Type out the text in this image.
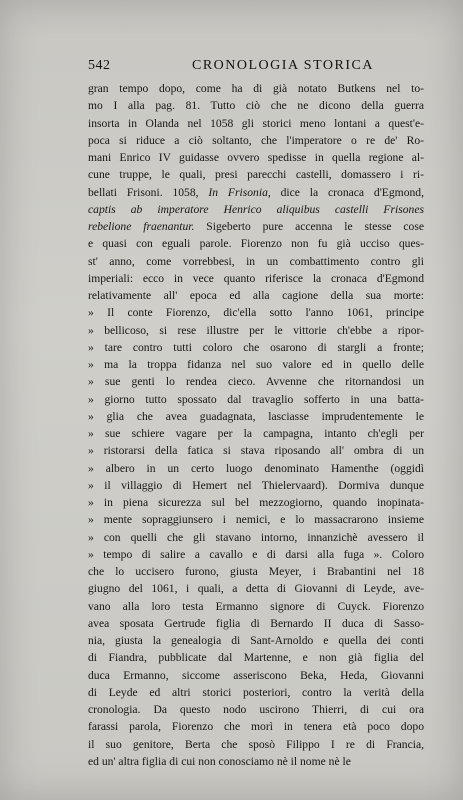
542	CRONOLOGIA STORICA
gran tempo dopo, come ha di già notato Butkens nel to-
mo I alla pag. 81. Tutto ciò che ne dicono della guerra
insorta in Olanda nel 1058 gli storici meno lontani a quest'e-
poca si riduce a ciò soltanto, che l'imperatore o re de' Ro-
mani Enrico IV guidasse ovvero spedisse in quella regione al-
cune truppe, le quali, presi parecchi castelli, domassero i ri-
bellati Frisoni. 1058, In Frisonia, dice la cronaca d'Egmond,
captis ab imperatore Henrico aliquibus castelli Frisones
rebelione fraenantur. Sigeberto pure accenna le stesse cose
e quasi con eguali parole. Fiorenzo non fu già ucciso ques-
st' anno, come vorrebbesi, in un combattimento contro gli
imperiali: ecco in vece quanto riferisce la cronaca d'Egmond
relativamente all' epoca ed alla cagione della sua morte:
» Il conte Fiorenzo, dic'ella sotto l'anno 1061, principe
» bellicoso, si rese illustre per le vittorie ch'ebbe a ripor-
» tare contro tutti coloro che osarono di stargli a fronte;
» ma la troppa fidanza nel suo valore ed in quello delle
» sue genti lo rendea cieco. Avvenne che ritornandosi un
» giorno tutto spossato dal travaglio sofferto in una batta-
» glia che avea guadagnata, lasciasse imprudentemente le
» sue schiere vagare per la campagna, intanto ch'egli per
» ristorarsi della fatica si stava riposando all' ombra di un
» albero in un certo luogo denominato Hamenthe (oggidì
» il villaggio di Hemert nel Thielervaard). Dormiva dunque
» in piena sicurezza sul bel mezzogiorno, quando inopinata-
» mente sopraggiunsero i nemici, e lo massacrarono insieme
» con quelli che gli stavano intorno, innanzichè avessero il
» tempo di salire a cavallo e di darsi alla fuga ». Coloro
che lo uccisero furono, giusta Meyer, i Brabantini nel 18
giugno del 1061, i quali, a detta di Giovanni di Leyde, ave-
vano alla loro testa Ermanno signore di Cuyck. Fiorenzo
avea sposata Gertrude figlia di Bernardo II duca di Sasso-
nia, giusta la genealogia di Sant-Arnoldo e quella dei conti
di Fiandra, pubblicate dal Martenne, e non già figlia del
duca Ermanno, siccome asseriscono Beka, Heda, Giovanni
di Leyde ed altri storici posteriori, contro la verità della
cronologia. Da questo nodo uscirono Thierri, di cui ora
farassi parola, Fiorenzo che morì in tenera età poco dopo
il suo genitore, Berta che sposò Filippo I re di Francia,
ed un' altra figlia di cui non conosciamo nè il nome nè le
